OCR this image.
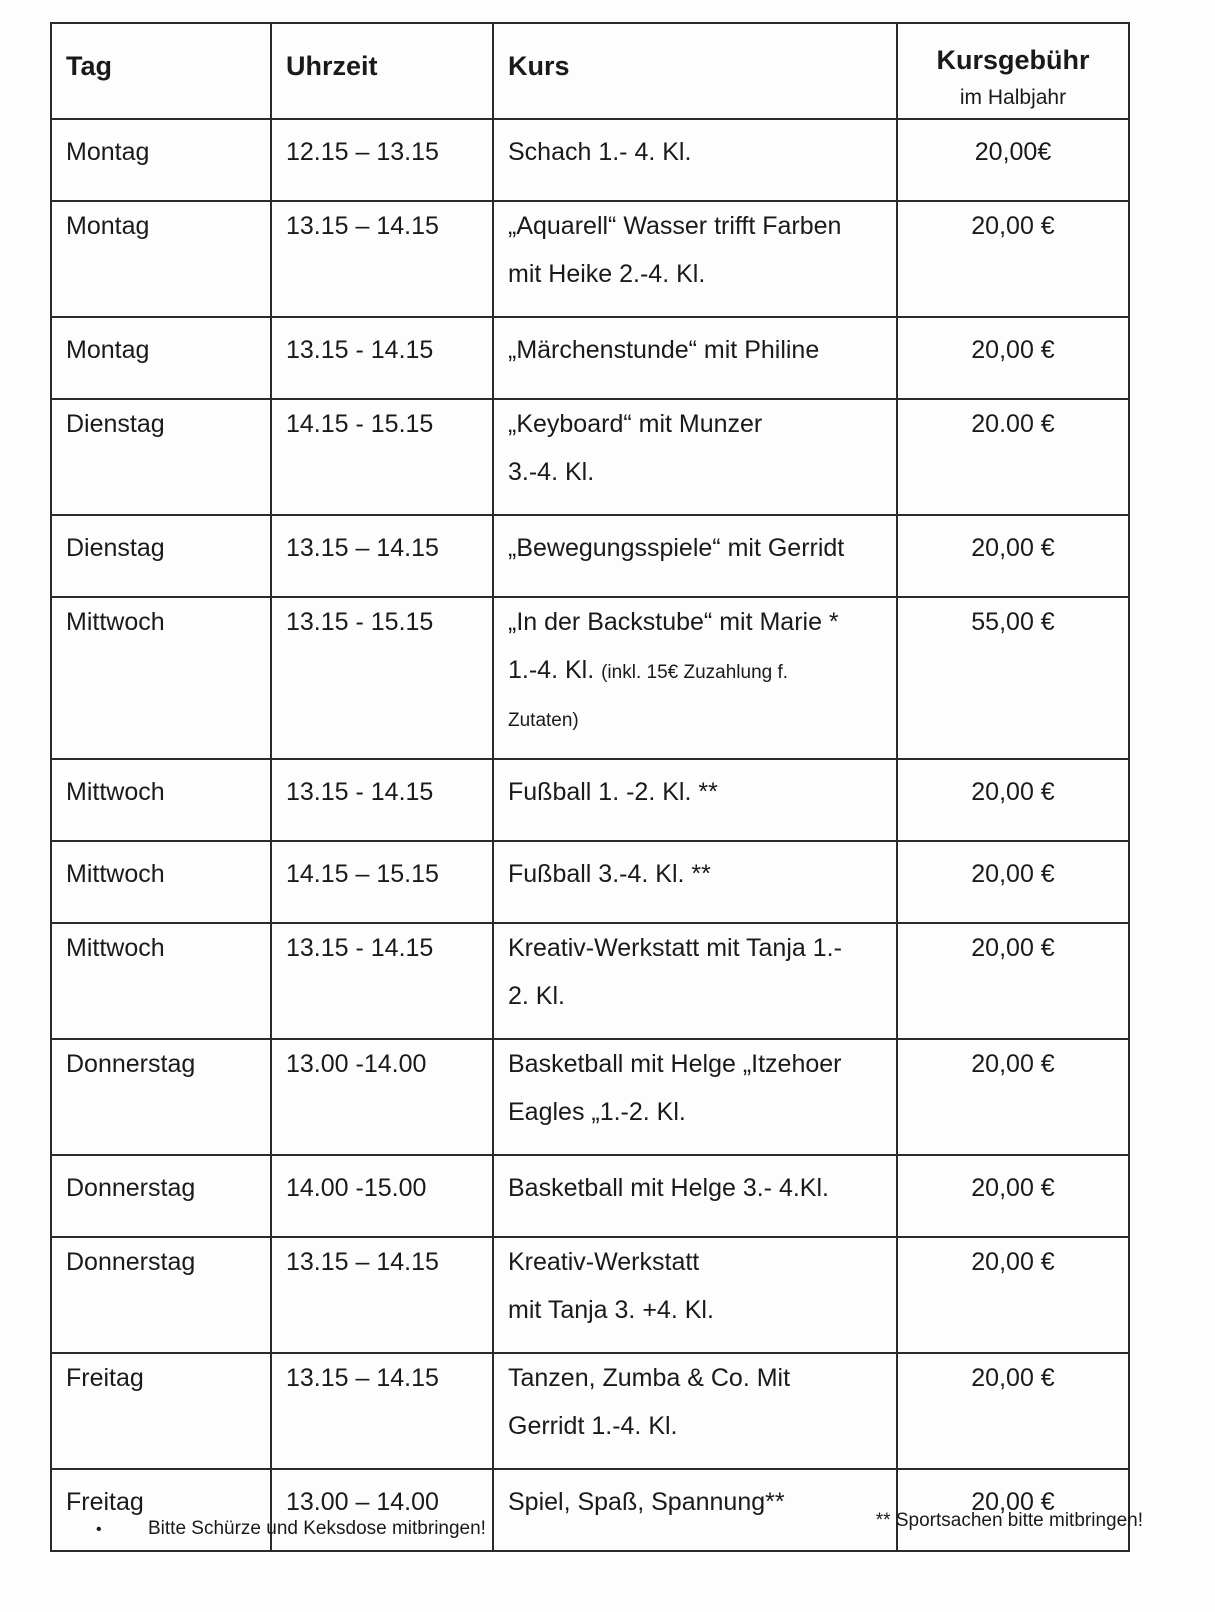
Tag	Uhrzeit	Kurs	Kursgebühr
im Halbjahr

Montag	12.15 – 13.15	Schach 1.- 4. Kl.	20,00€
Montag	13.15 – 14.15	„Aquarell“ Wasser trifft Farben
mit Heike 2.-4. Kl.	20,00 €
Montag	13.15 - 14.15	„Märchenstunde“ mit Philine	20,00 €
Dienstag	14.15 - 15.15	„Keyboard“ mit Munzer
3.-4. Kl.	20.00 €
Dienstag	13.15 – 14.15	„Bewegungsspiele“ mit Gerridt	20,00 €
Mittwoch	13.15 - 15.15	„In der Backstube“ mit Marie *
1.-4. Kl. (inkl. 15€ Zuzahlung f.
Zutaten)	55,00 €
Mittwoch	13.15 - 14.15	Fußball 1. -2. Kl. **	20,00 €
Mittwoch	14.15 – 15.15	Fußball 3.-4. Kl. **	20,00 €
Mittwoch	13.15 - 14.15	Kreativ-Werkstatt mit Tanja 1.-
2. Kl.	20,00 €
Donnerstag	13.00 -14.00	Basketball mit Helge „Itzehoer
Eagles „1.-2. Kl.	20,00 €
Donnerstag	14.00 -15.00	Basketball mit Helge 3.- 4.Kl.	20,00 €
Donnerstag	13.15 – 14.15	Kreativ-Werkstatt
mit Tanja 3. +4. Kl.	20,00 €
Freitag	13.15 – 14.15	Tanzen, Zumba & Co. Mit
Gerridt 1.-4. Kl.	20,00 €
Freitag	13.00 – 14.00	Spiel, Spaß, Spannung**	20,00 €
• Bitte Schürze und Keksdose mitbringen!	** Sportsachen bitte mitbringen!
